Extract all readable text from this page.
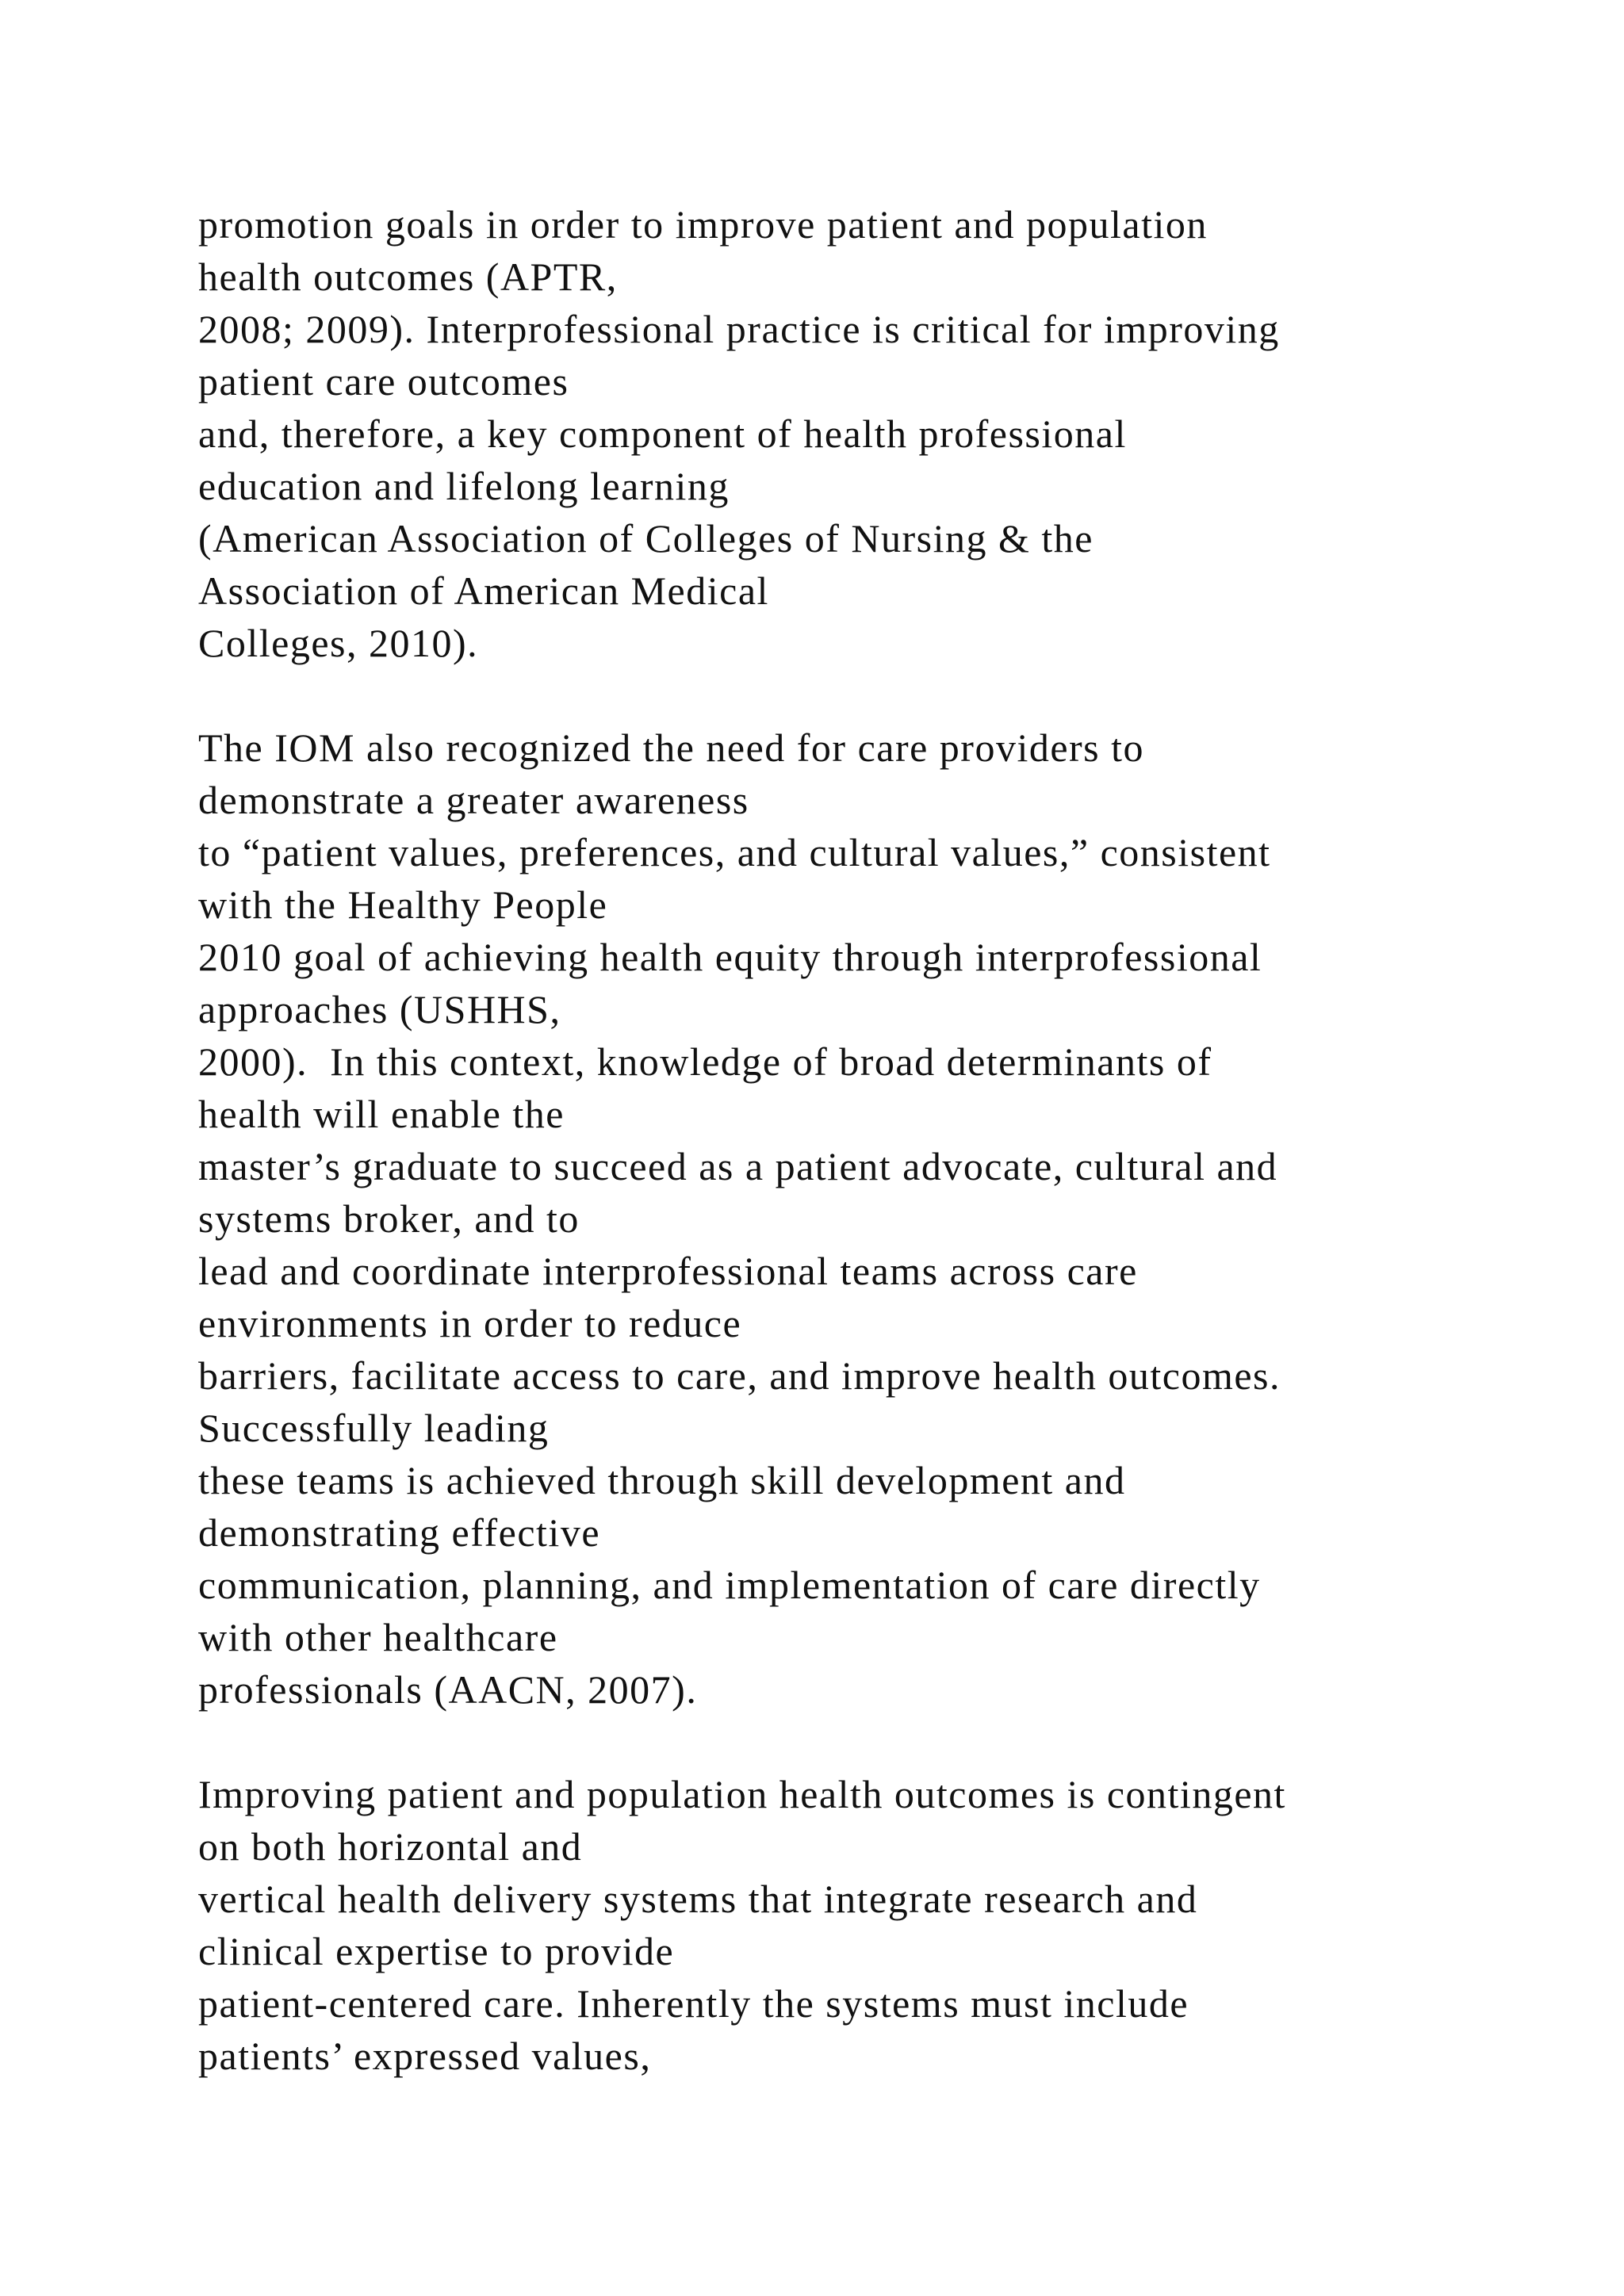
promotion goals in order to improve patient and population
health outcomes (APTR,
2008; 2009). Interprofessional practice is critical for improving
patient care outcomes
and, therefore, a key component of health professional
education and lifelong learning
(American Association of Colleges of Nursing & the
Association of American Medical
Colleges, 2010).
The IOM also recognized the need for care providers to
demonstrate a greater awareness
to “patient values, preferences, and cultural values,” consistent
with the Healthy People
2010 goal of achieving health equity through interprofessional
approaches (USHHS,
2000).  In this context, knowledge of broad determinants of
health will enable the
master’s graduate to succeed as a patient advocate, cultural and
systems broker, and to
lead and coordinate interprofessional teams across care
environments in order to reduce
barriers, facilitate access to care, and improve health outcomes.
Successfully leading
these teams is achieved through skill development and
demonstrating effective
communication, planning, and implementation of care directly
with other healthcare
professionals (AACN, 2007).
Improving patient and population health outcomes is contingent
on both horizontal and
vertical health delivery systems that integrate research and
clinical expertise to provide
patient-centered care. Inherently the systems must include
patients’ expressed values,
